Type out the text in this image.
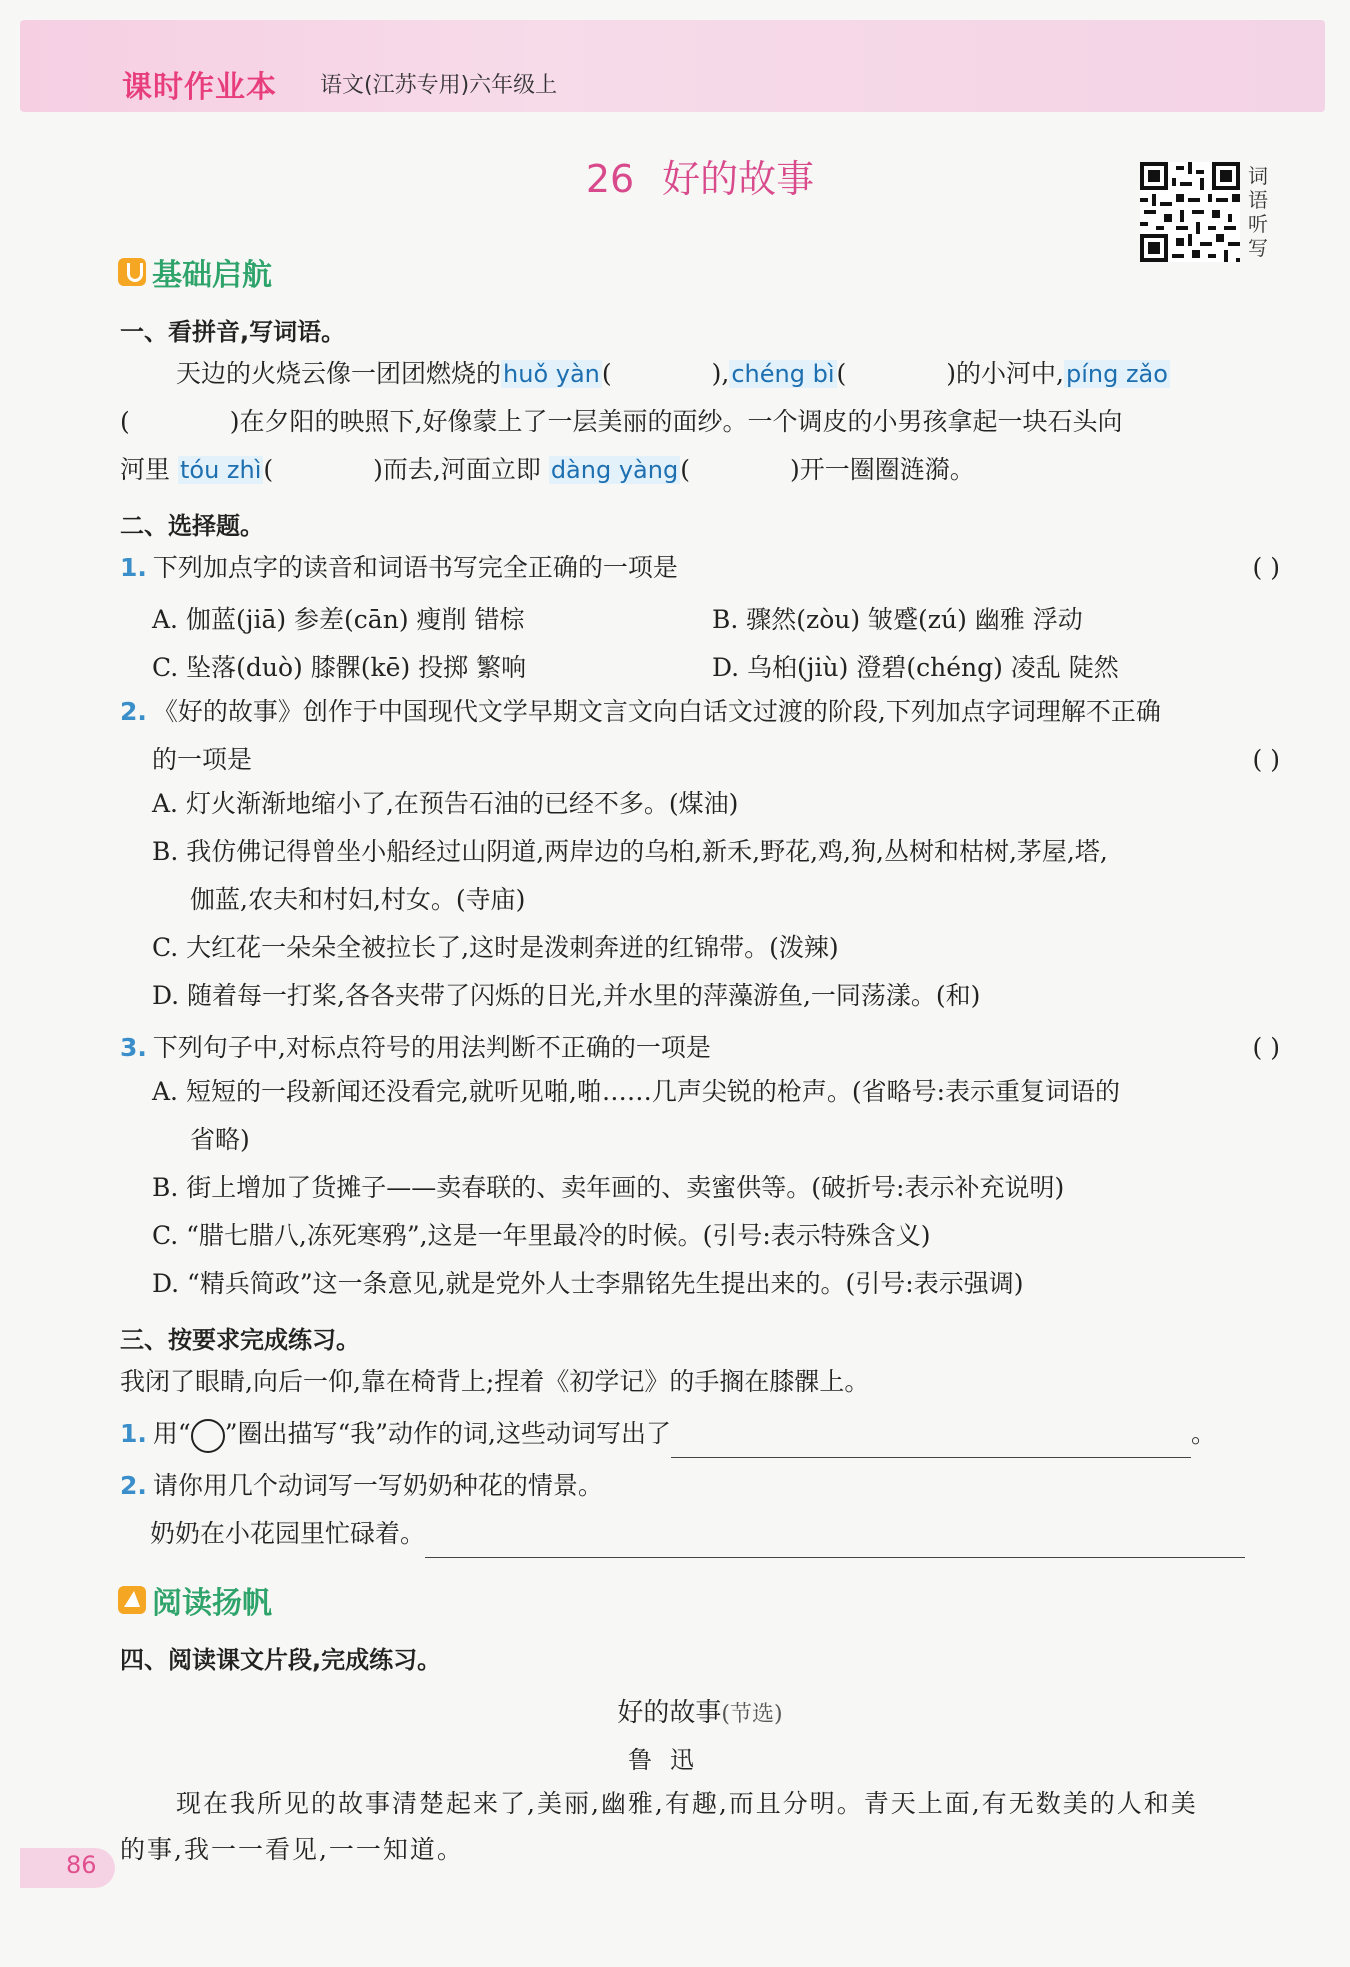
课时作业本 语文(江苏专用)六年级上
26 好的故事	词
语
听
写
基础启航
一、看拼音,写词语。
天边的火烧云像一团团燃烧的huǒ yàn(	),chéng bì(	)的小河中,píng zǎo
(	)在夕阳的映照下,好像蒙上了一层美丽的面纱。一个调皮的小男孩拿起一块石头向
河里 tóu zhì(	)而去,河面立即 dàng yàng(	)开一圈圈涟漪。
二、选择题。
1. 下列加点字的读音和词语书写完全正确的一项是	( )
A. 伽蓝(jiā) 参差(cān) 瘦削 错棕	B. 骤然(zòu) 皱蹙(zú) 幽雅 浮动
C. 坠落(duò) 膝髁(kē) 投掷 繁响	D. 乌桕(jiù) 澄碧(chéng) 凌乱 陡然
2. 《好的故事》创作于中国现代文学早期文言文向白话文过渡的阶段,下列加点字词理解不正确
的一项是	( )
A. 灯火渐渐地缩小了,在预告石油的已经不多。(煤油)
B. 我仿佛记得曾坐小船经过山阴道,两岸边的乌桕,新禾,野花,鸡,狗,丛树和枯树,茅屋,塔,
伽蓝,农夫和村妇,村女。(寺庙)
C. 大红花一朵朵全被拉长了,这时是泼刺奔迸的红锦带。(泼辣)
D. 随着每一打桨,各各夹带了闪烁的日光,并水里的萍藻游鱼,一同荡漾。(和)
3. 下列句子中,对标点符号的用法判断不正确的一项是	( )
A. 短短的一段新闻还没看完,就听见啪,啪……几声尖锐的枪声。(省略号:表示重复词语的
省略)
B. 街上增加了货摊子——卖春联的、卖年画的、卖蜜供等。(破折号:表示补充说明)
C. “腊七腊八,冻死寒鸦”,这是一年里最冷的时候。(引号:表示特殊含义)
D. “精兵简政”这一条意见,就是党外人士李鼎铭先生提出来的。(引号:表示强调)
三、按要求完成练习。
我闭了眼睛,向后一仰,靠在椅背上;捏着《初学记》的手搁在膝髁上。
1. 用“ ”圈出描写“我”动作的词,这些动词写出了	。
2. 请你用几个动词写一写奶奶种花的情景。
奶奶在小花园里忙碌着。
阅读扬帆
四、阅读课文片段,完成练习。
好的故事(节选)
鲁迅
现在我所见的故事清楚起来了,美丽,幽雅,有趣,而且分明。青天上面,有无数美的人和美
的事,我一一看见,一一知道。
86
